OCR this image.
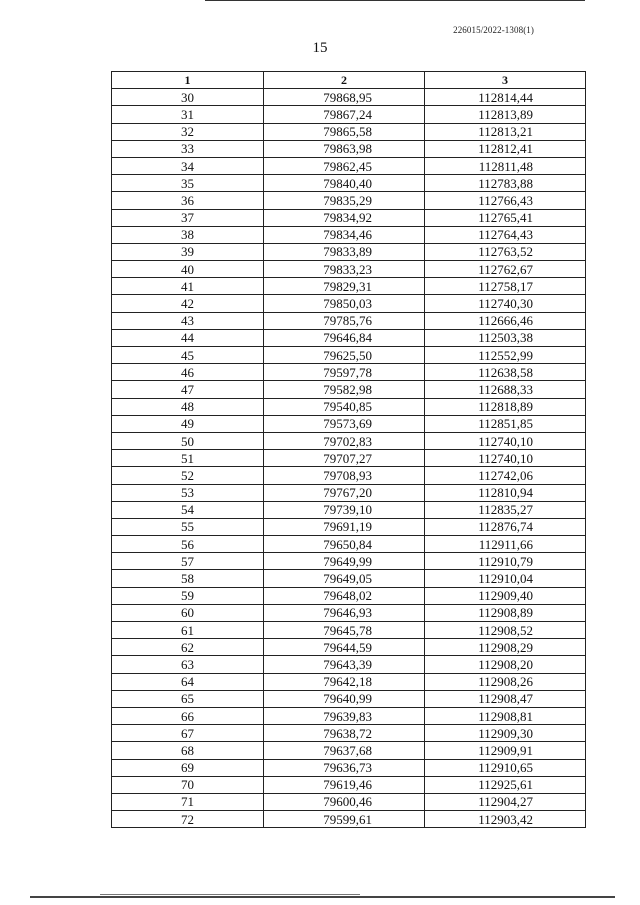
226015/2022-1308(1)
15
1	2	3
30	79868,95	112814,44
31	79867,24	112813,89
32	79865,58	112813,21
33	79863,98	112812,41
34	79862,45	112811,48
35	79840,40	112783,88
36	79835,29	112766,43
37	79834,92	112765,41
38	79834,46	112764,43
39	79833,89	112763,52
40	79833,23	112762,67
41	79829,31	112758,17
42	79850,03	112740,30
43	79785,76	112666,46
44	79646,84	112503,38
45	79625,50	112552,99
46	79597,78	112638,58
47	79582,98	112688,33
48	79540,85	112818,89
49	79573,69	112851,85
50	79702,83	112740,10
51	79707,27	112740,10
52	79708,93	112742,06
53	79767,20	112810,94
54	79739,10	112835,27
55	79691,19	112876,74
56	79650,84	112911,66
57	79649,99	112910,79
58	79649,05	112910,04
59	79648,02	112909,40
60	79646,93	112908,89
61	79645,78	112908,52
62	79644,59	112908,29
63	79643,39	112908,20
64	79642,18	112908,26
65	79640,99	112908,47
66	79639,83	112908,81
67	79638,72	112909,30
68	79637,68	112909,91
69	79636,73	112910,65
70	79619,46	112925,61
71	79600,46	112904,27
72	79599,61	112903,42
